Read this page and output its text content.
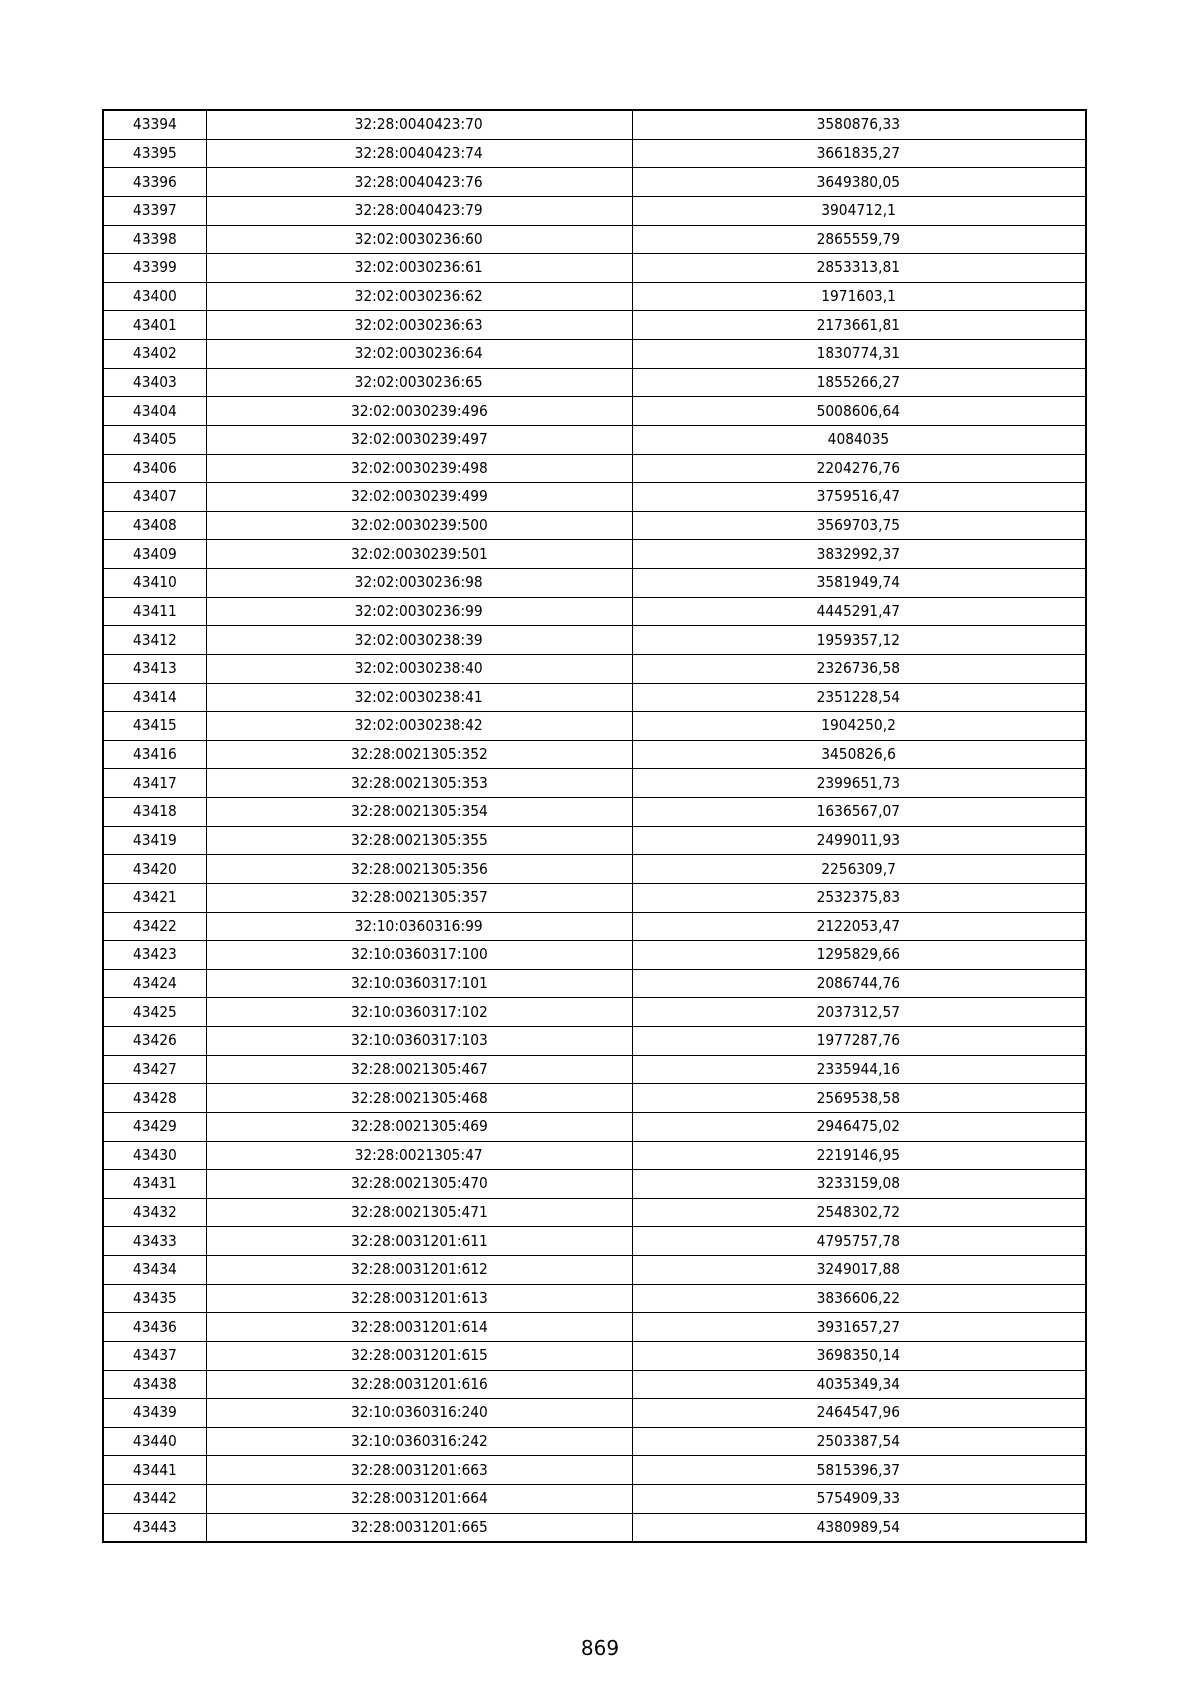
43394	32:28:0040423:70	3580876,33
43395	32:28:0040423:74	3661835,27
43396	32:28:0040423:76	3649380,05
43397	32:28:0040423:79	3904712,1
43398	32:02:0030236:60	2865559,79
43399	32:02:0030236:61	2853313,81
43400	32:02:0030236:62	1971603,1
43401	32:02:0030236:63	2173661,81
43402	32:02:0030236:64	1830774,31
43403	32:02:0030236:65	1855266,27
43404	32:02:0030239:496	5008606,64
43405	32:02:0030239:497	4084035
43406	32:02:0030239:498	2204276,76
43407	32:02:0030239:499	3759516,47
43408	32:02:0030239:500	3569703,75
43409	32:02:0030239:501	3832992,37
43410	32:02:0030236:98	3581949,74
43411	32:02:0030236:99	4445291,47
43412	32:02:0030238:39	1959357,12
43413	32:02:0030238:40	2326736,58
43414	32:02:0030238:41	2351228,54
43415	32:02:0030238:42	1904250,2
43416	32:28:0021305:352	3450826,6
43417	32:28:0021305:353	2399651,73
43418	32:28:0021305:354	1636567,07
43419	32:28:0021305:355	2499011,93
43420	32:28:0021305:356	2256309,7
43421	32:28:0021305:357	2532375,83
43422	32:10:0360316:99	2122053,47
43423	32:10:0360317:100	1295829,66
43424	32:10:0360317:101	2086744,76
43425	32:10:0360317:102	2037312,57
43426	32:10:0360317:103	1977287,76
43427	32:28:0021305:467	2335944,16
43428	32:28:0021305:468	2569538,58
43429	32:28:0021305:469	2946475,02
43430	32:28:0021305:47	2219146,95
43431	32:28:0021305:470	3233159,08
43432	32:28:0021305:471	2548302,72
43433	32:28:0031201:611	4795757,78
43434	32:28:0031201:612	3249017,88
43435	32:28:0031201:613	3836606,22
43436	32:28:0031201:614	3931657,27
43437	32:28:0031201:615	3698350,14
43438	32:28:0031201:616	4035349,34
43439	32:10:0360316:240	2464547,96
43440	32:10:0360316:242	2503387,54
43441	32:28:0031201:663	5815396,37
43442	32:28:0031201:664	5754909,33
43443	32:28:0031201:665	4380989,54
869
